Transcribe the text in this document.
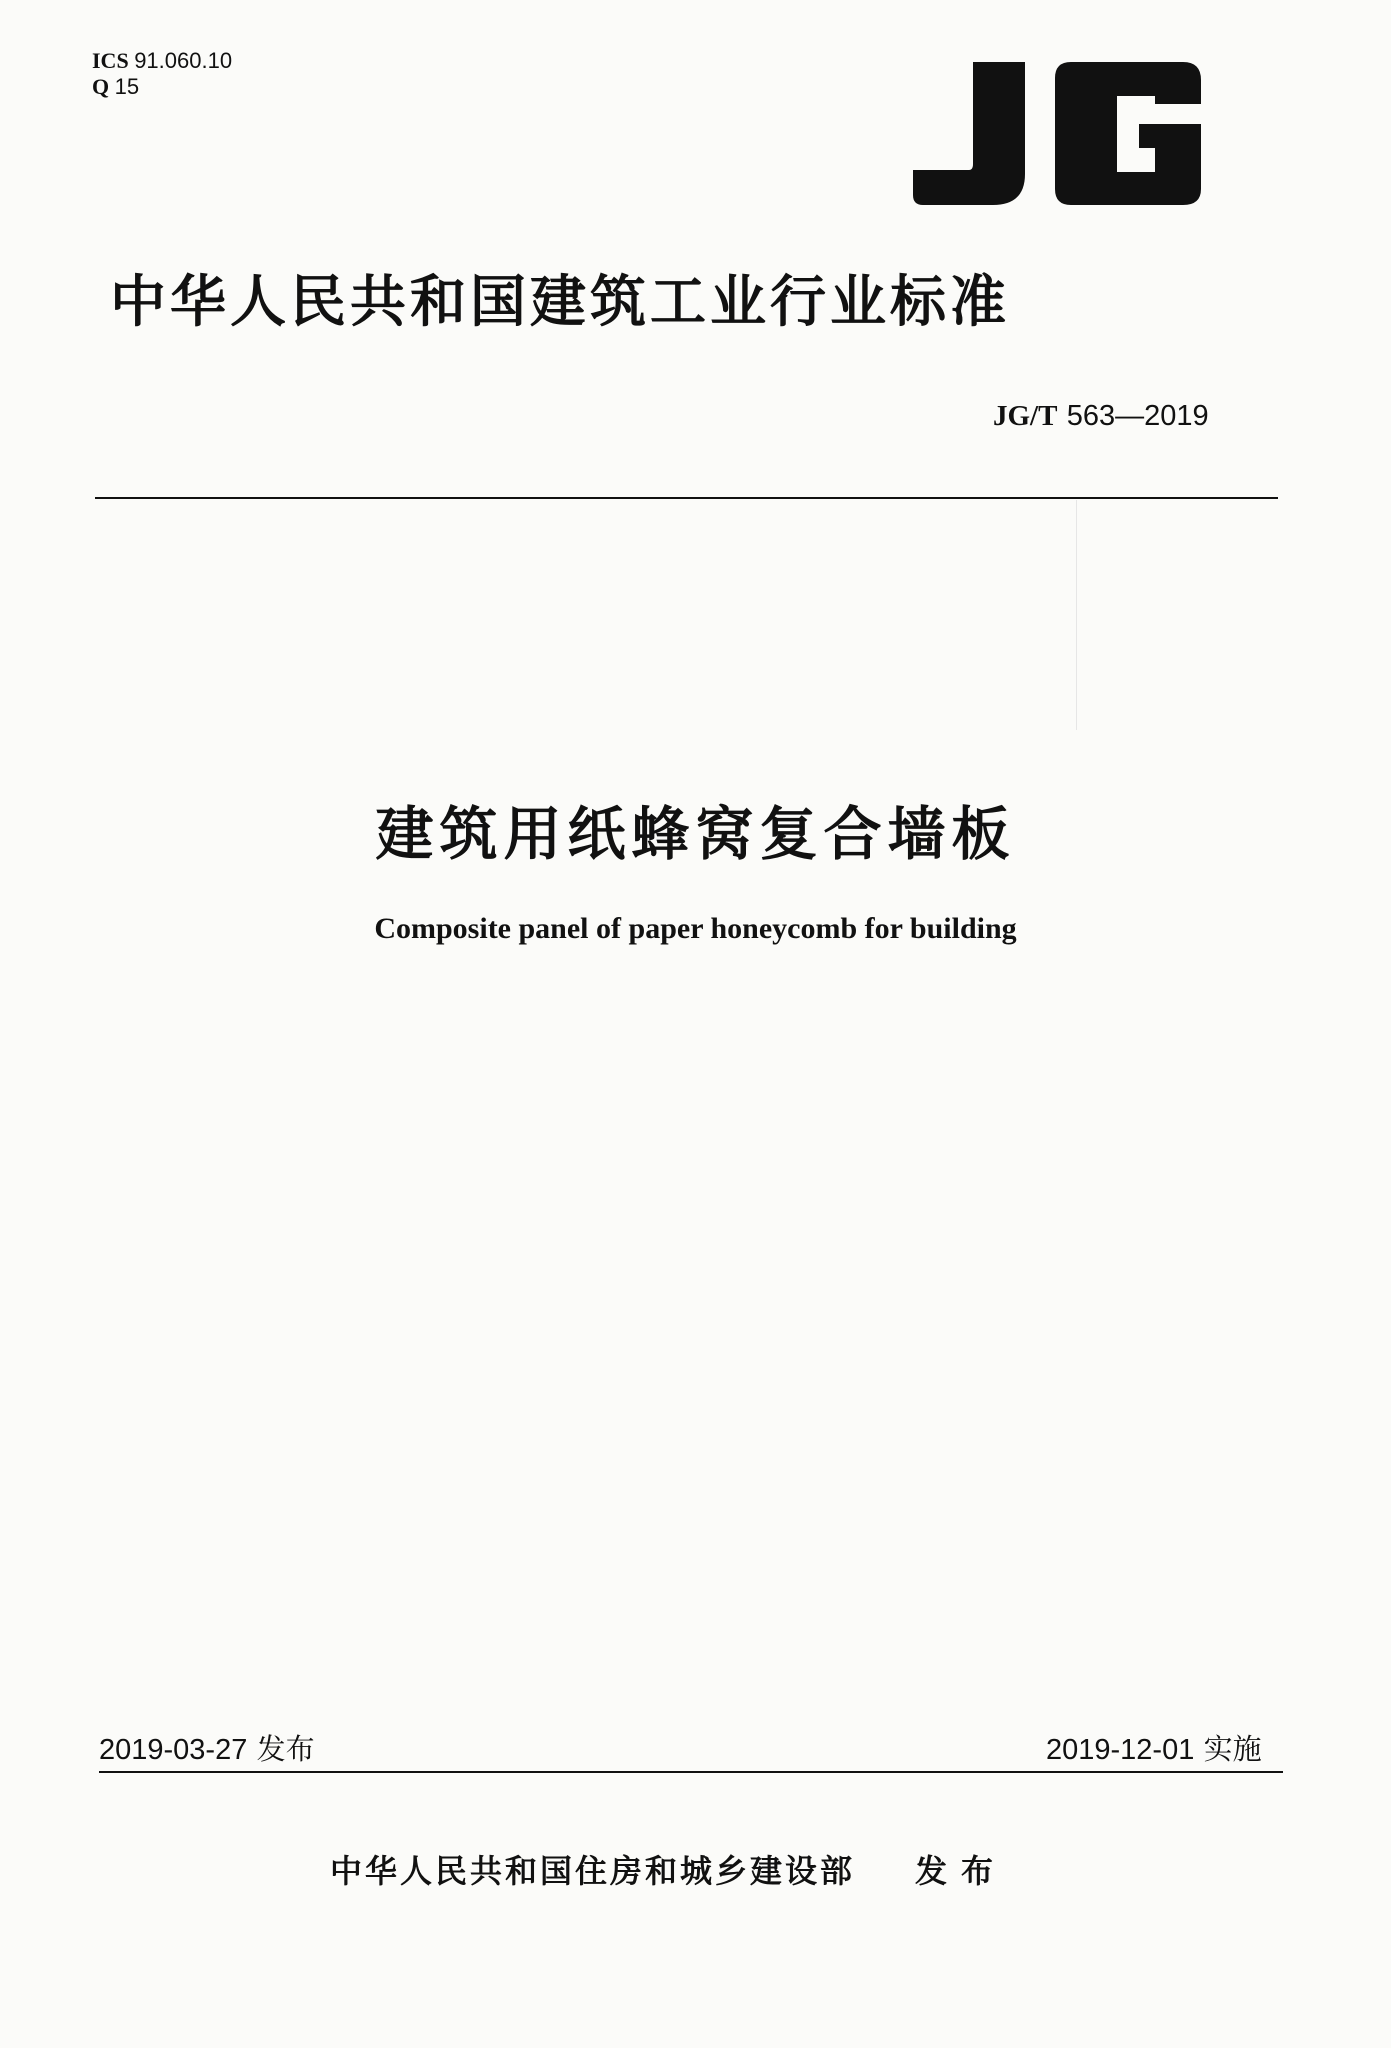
ICS 91.060.10
Q 15
中华人民共和国建筑工业行业标准
JG/T 563—2019
建筑用纸蜂窝复合墙板
Composite panel of paper honeycomb for building
2019-03-27 发布	2019-12-01 实施
中华人民共和国住房和城乡建设部 发布
